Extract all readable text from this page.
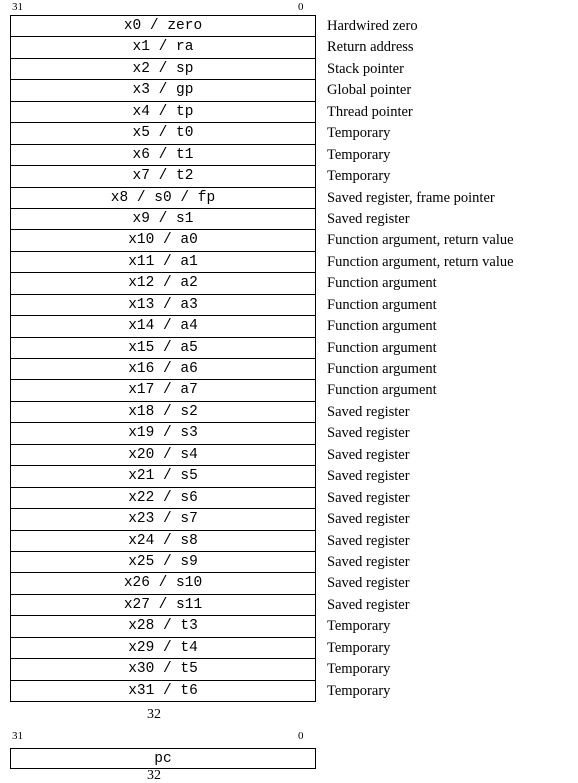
31	0
x0 / zero	Hardwired zero
x1 / ra	Return address
x2 / sp	Stack pointer
x3 / gp	Global pointer
x4 / tp	Thread pointer
x5 / t0	Temporary
x6 / t1	Temporary
x7 / t2	Temporary
x8 / s0 / fp	Saved register, frame pointer
x9 / s1	Saved register
x10 / a0	Function argument, return value
x11 / a1	Function argument, return value
x12 / a2	Function argument
x13 / a3	Function argument
x14 / a4	Function argument
x15 / a5	Function argument
x16 / a6	Function argument
x17 / a7	Function argument
x18 / s2	Saved register
x19 / s3	Saved register
x20 / s4	Saved register
x21 / s5	Saved register
x22 / s6	Saved register
x23 / s7	Saved register
x24 / s8	Saved register
x25 / s9	Saved register
x26 / s10	Saved register
x27 / s11	Saved register
x28 / t3	Temporary
x29 / t4	Temporary
x30 / t5	Temporary
x31 / t6	Temporary
32
31	0
pc
32
